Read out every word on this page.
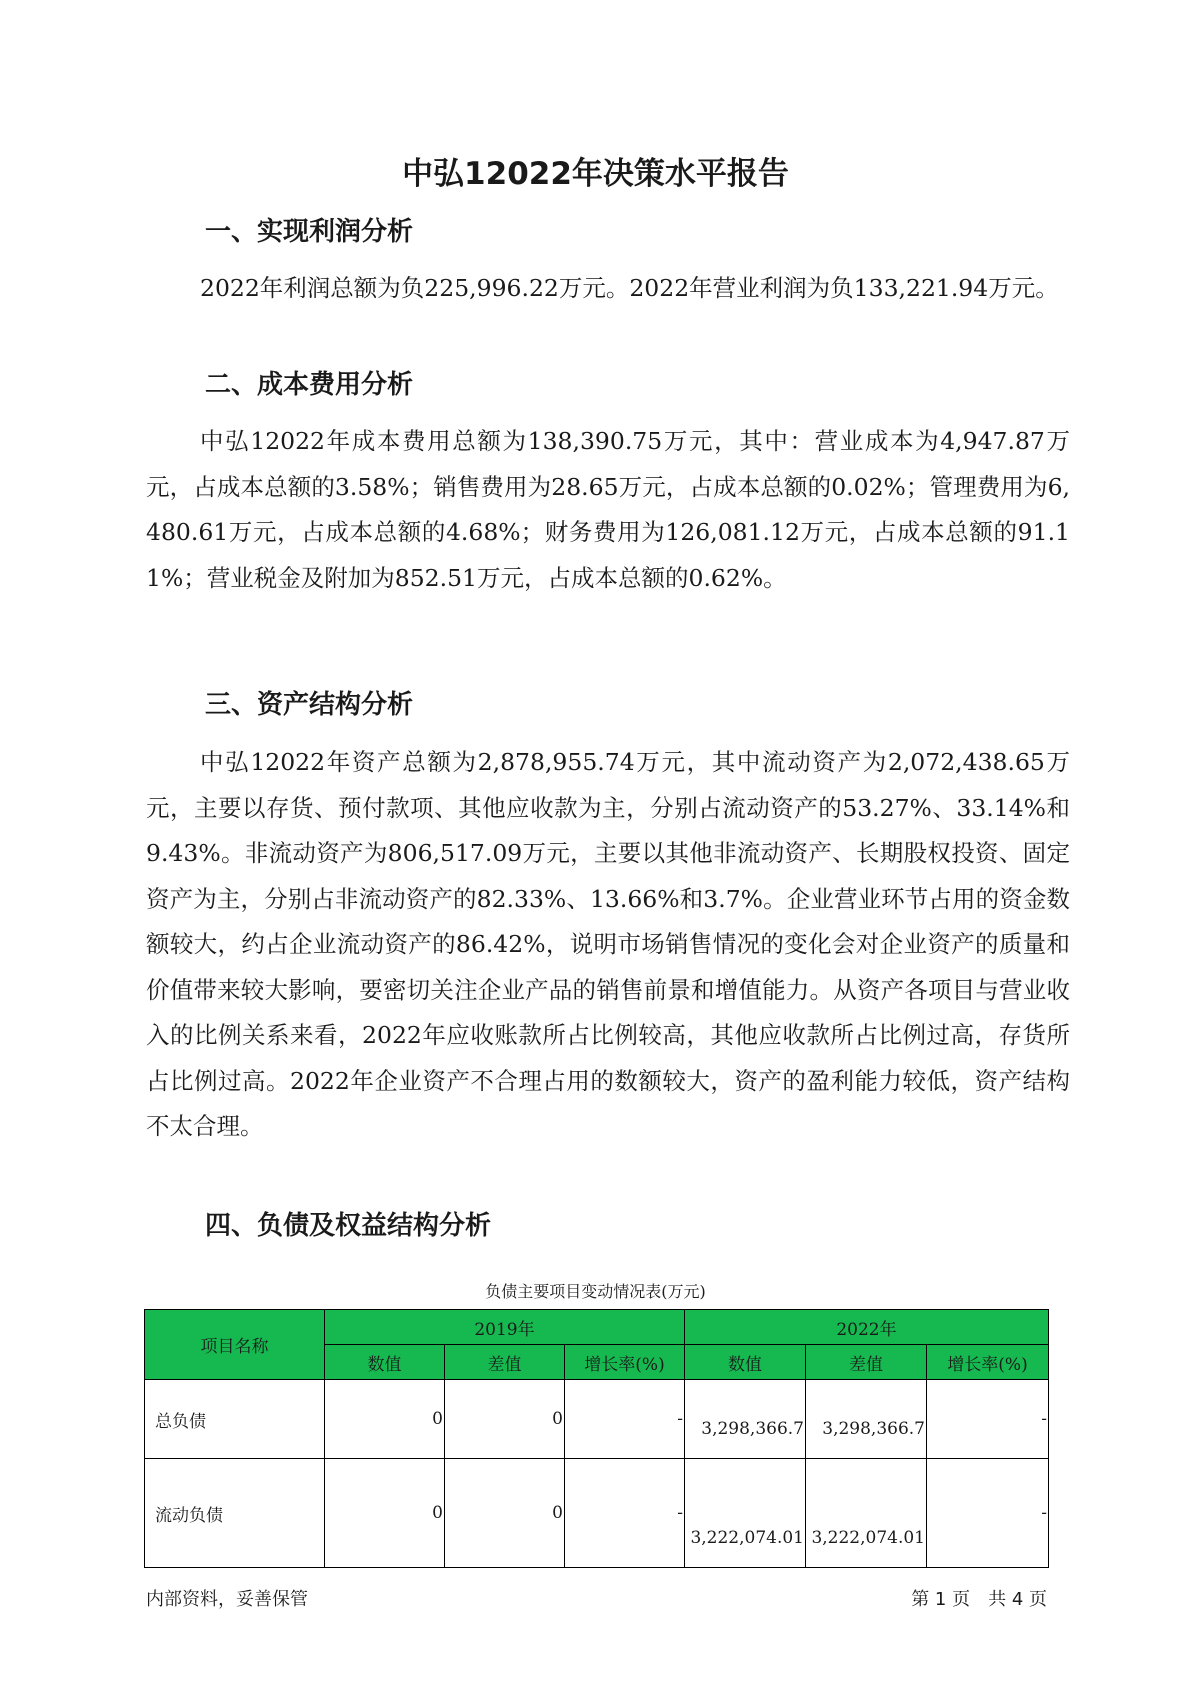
中弘12022年决策水平报告
一、实现利润分析
2022年利润总额为负225,996.22万元。2022年营业利润为负133,221.94万元。
二、成本费用分析
中弘12022年成本费用总额为138,390.75万元，其中：营业成本为4,947.87万元，占成本总额的3.58%；销售费用为28.65万元，占成本总额的0.02%；管理费用为6,480.61万元，占成本总额的4.68%；财务费用为126,081.12万元，占成本总额的91.11%；营业税金及附加为852.51万元，占成本总额的0.62%。
三、资产结构分析
中弘12022年资产总额为2,878,955.74万元，其中流动资产为2,072,438.65万元，主要以存货、预付款项、其他应收款为主，分别占流动资产的53.27%、33.14%和9.43%。非流动资产为806,517.09万元，主要以其他非流动资产、长期股权投资、固定资产为主，分别占非流动资产的82.33%、13.66%和3.7%。企业营业环节占用的资金数额较大，约占企业流动资产的86.42%，说明市场销售情况的变化会对企业资产的质量和价值带来较大影响，要密切关注企业产品的销售前景和增值能力。从资产各项目与营业收入的比例关系来看，2022年应收账款所占比例较高，其他应收款所占比例过高，存货所占比例过高。2022年企业资产不合理占用的数额较大，资产的盈利能力较低，资产结构不太合理。
四、负债及权益结构分析
负债主要项目变动情况表(万元)
项目名称	2019年			2022年		
	数值	差值	增长率(%)	数值	差值	增长率(%)
总负债	0	0	-	3,298,366.7	3,298,366.7	-
流动负债	0	0	-	3,222,074.01	3,222,074.01	-
内部资料，妥善保管	第 1 页　共 4 页
